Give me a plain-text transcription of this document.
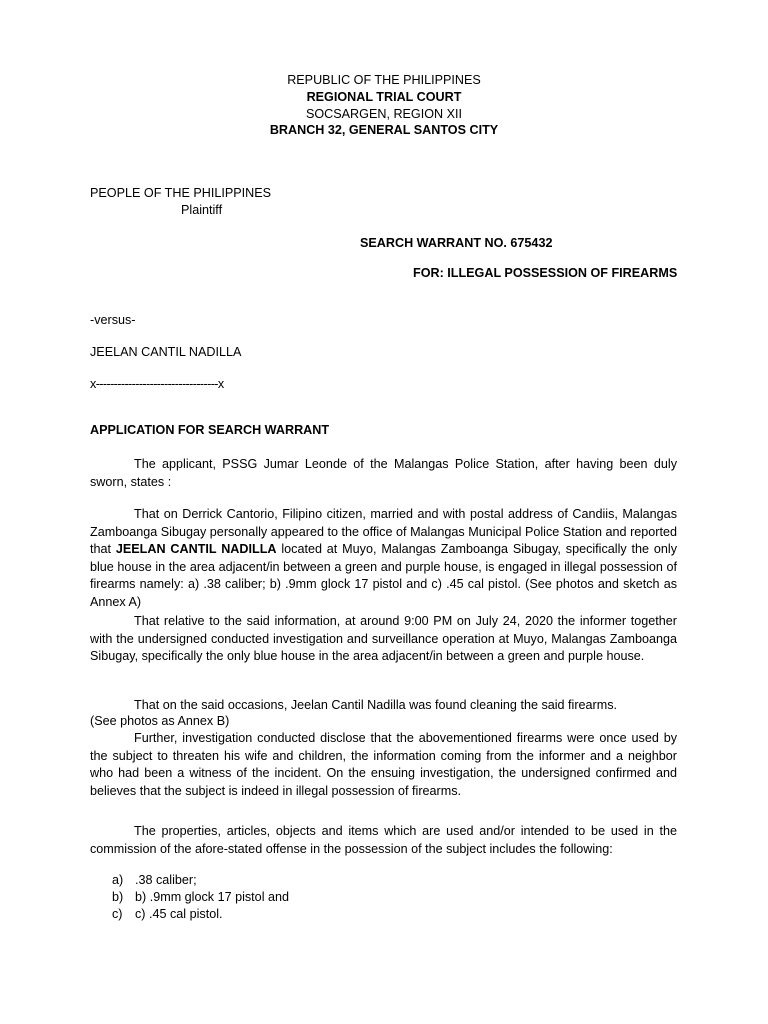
REPUBLIC OF THE PHILIPPINES

REGIONAL TRIAL COURT

SOCSARGEN, REGION XII

BRANCH 32, GENERAL SANTOS CITY

PEOPLE OF THE PHILIPPINES

Plaintiff

SEARCH WARRANT NO. 675432

FOR: ILLEGAL POSSESSION OF FIREARMS

-versus-

JEELAN CANTIL NADILLA

x----------------------------------x

APPLICATION FOR SEARCH WARRANT

The applicant, PSSG Jumar Leonde of the Malangas Police Station, after having been duly sworn, states :

That on Derrick Cantorio, Filipino citizen, married and with postal address of Candiis, Malangas Zamboanga Sibugay personally appeared to the office of Malangas Municipal Police Station and reported that JEELAN CANTIL NADILLA located at Muyo, Malangas Zamboanga Sibugay, specifically the only blue house in the area adjacent/in between a green and purple house, is engaged in illegal possession of firearms namely: a) .38 caliber; b) .9mm glock 17 pistol and c) .45 cal pistol. (See photos and sketch as Annex A)

That relative to the said information, at around 9:00 PM on July 24, 2020 the informer together with the undersigned conducted investigation and surveillance operation at Muyo, Malangas Zamboanga Sibugay, specifically the only blue house in the area adjacent/in between a green and purple house.

That on the said occasions, Jeelan Cantil Nadilla was found cleaning the said firearms.

(See photos as Annex B)

Further, investigation conducted disclose that the abovementioned firearms were once used by the subject to threaten his wife and children, the information coming from the informer and a neighbor who had been a witness of the incident. On the ensuing investigation, the undersigned confirmed and believes that the subject is indeed in illegal possession of firearms.

The properties, articles, objects and items which are used and/or intended to be used in the commission of the afore-stated offense in the possession of the subject includes the following:

a) .38 caliber;
b) b) .9mm glock 17 pistol and
c) c) .45 cal pistol.
